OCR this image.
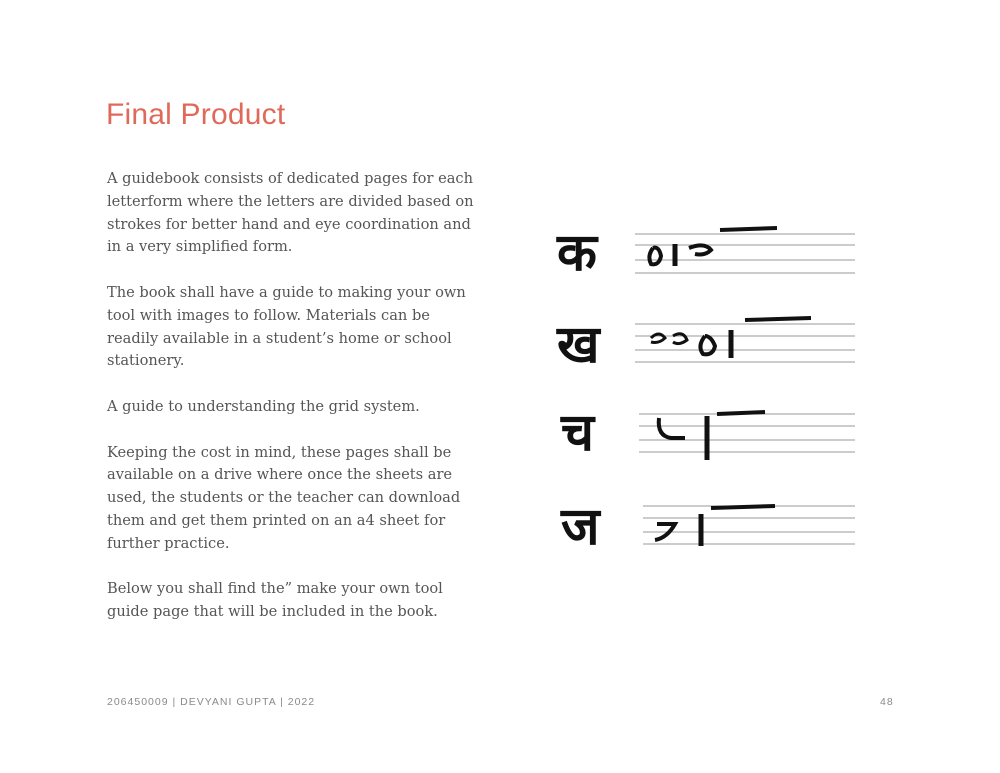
Final Product

A guidebook consists of dedicated pages for each letterform where the letters are divided based on strokes for better hand and eye coordination and in a very simplified form.

The book shall have a guide to making your own tool with images to follow. Materials can be readily available in a student’s home or school stationery.

A guide to understanding the grid system.

Keeping the cost in mind, these pages shall be available on a drive where once the sheets are used, the students or the teacher can download them and get them printed on an a4 sheet for further practice.

Below you shall find the” make your own tool guide page that will be included in the book.

क
ख
च
ज
206450009 | DEVYANI GUPTA | 2022	48
